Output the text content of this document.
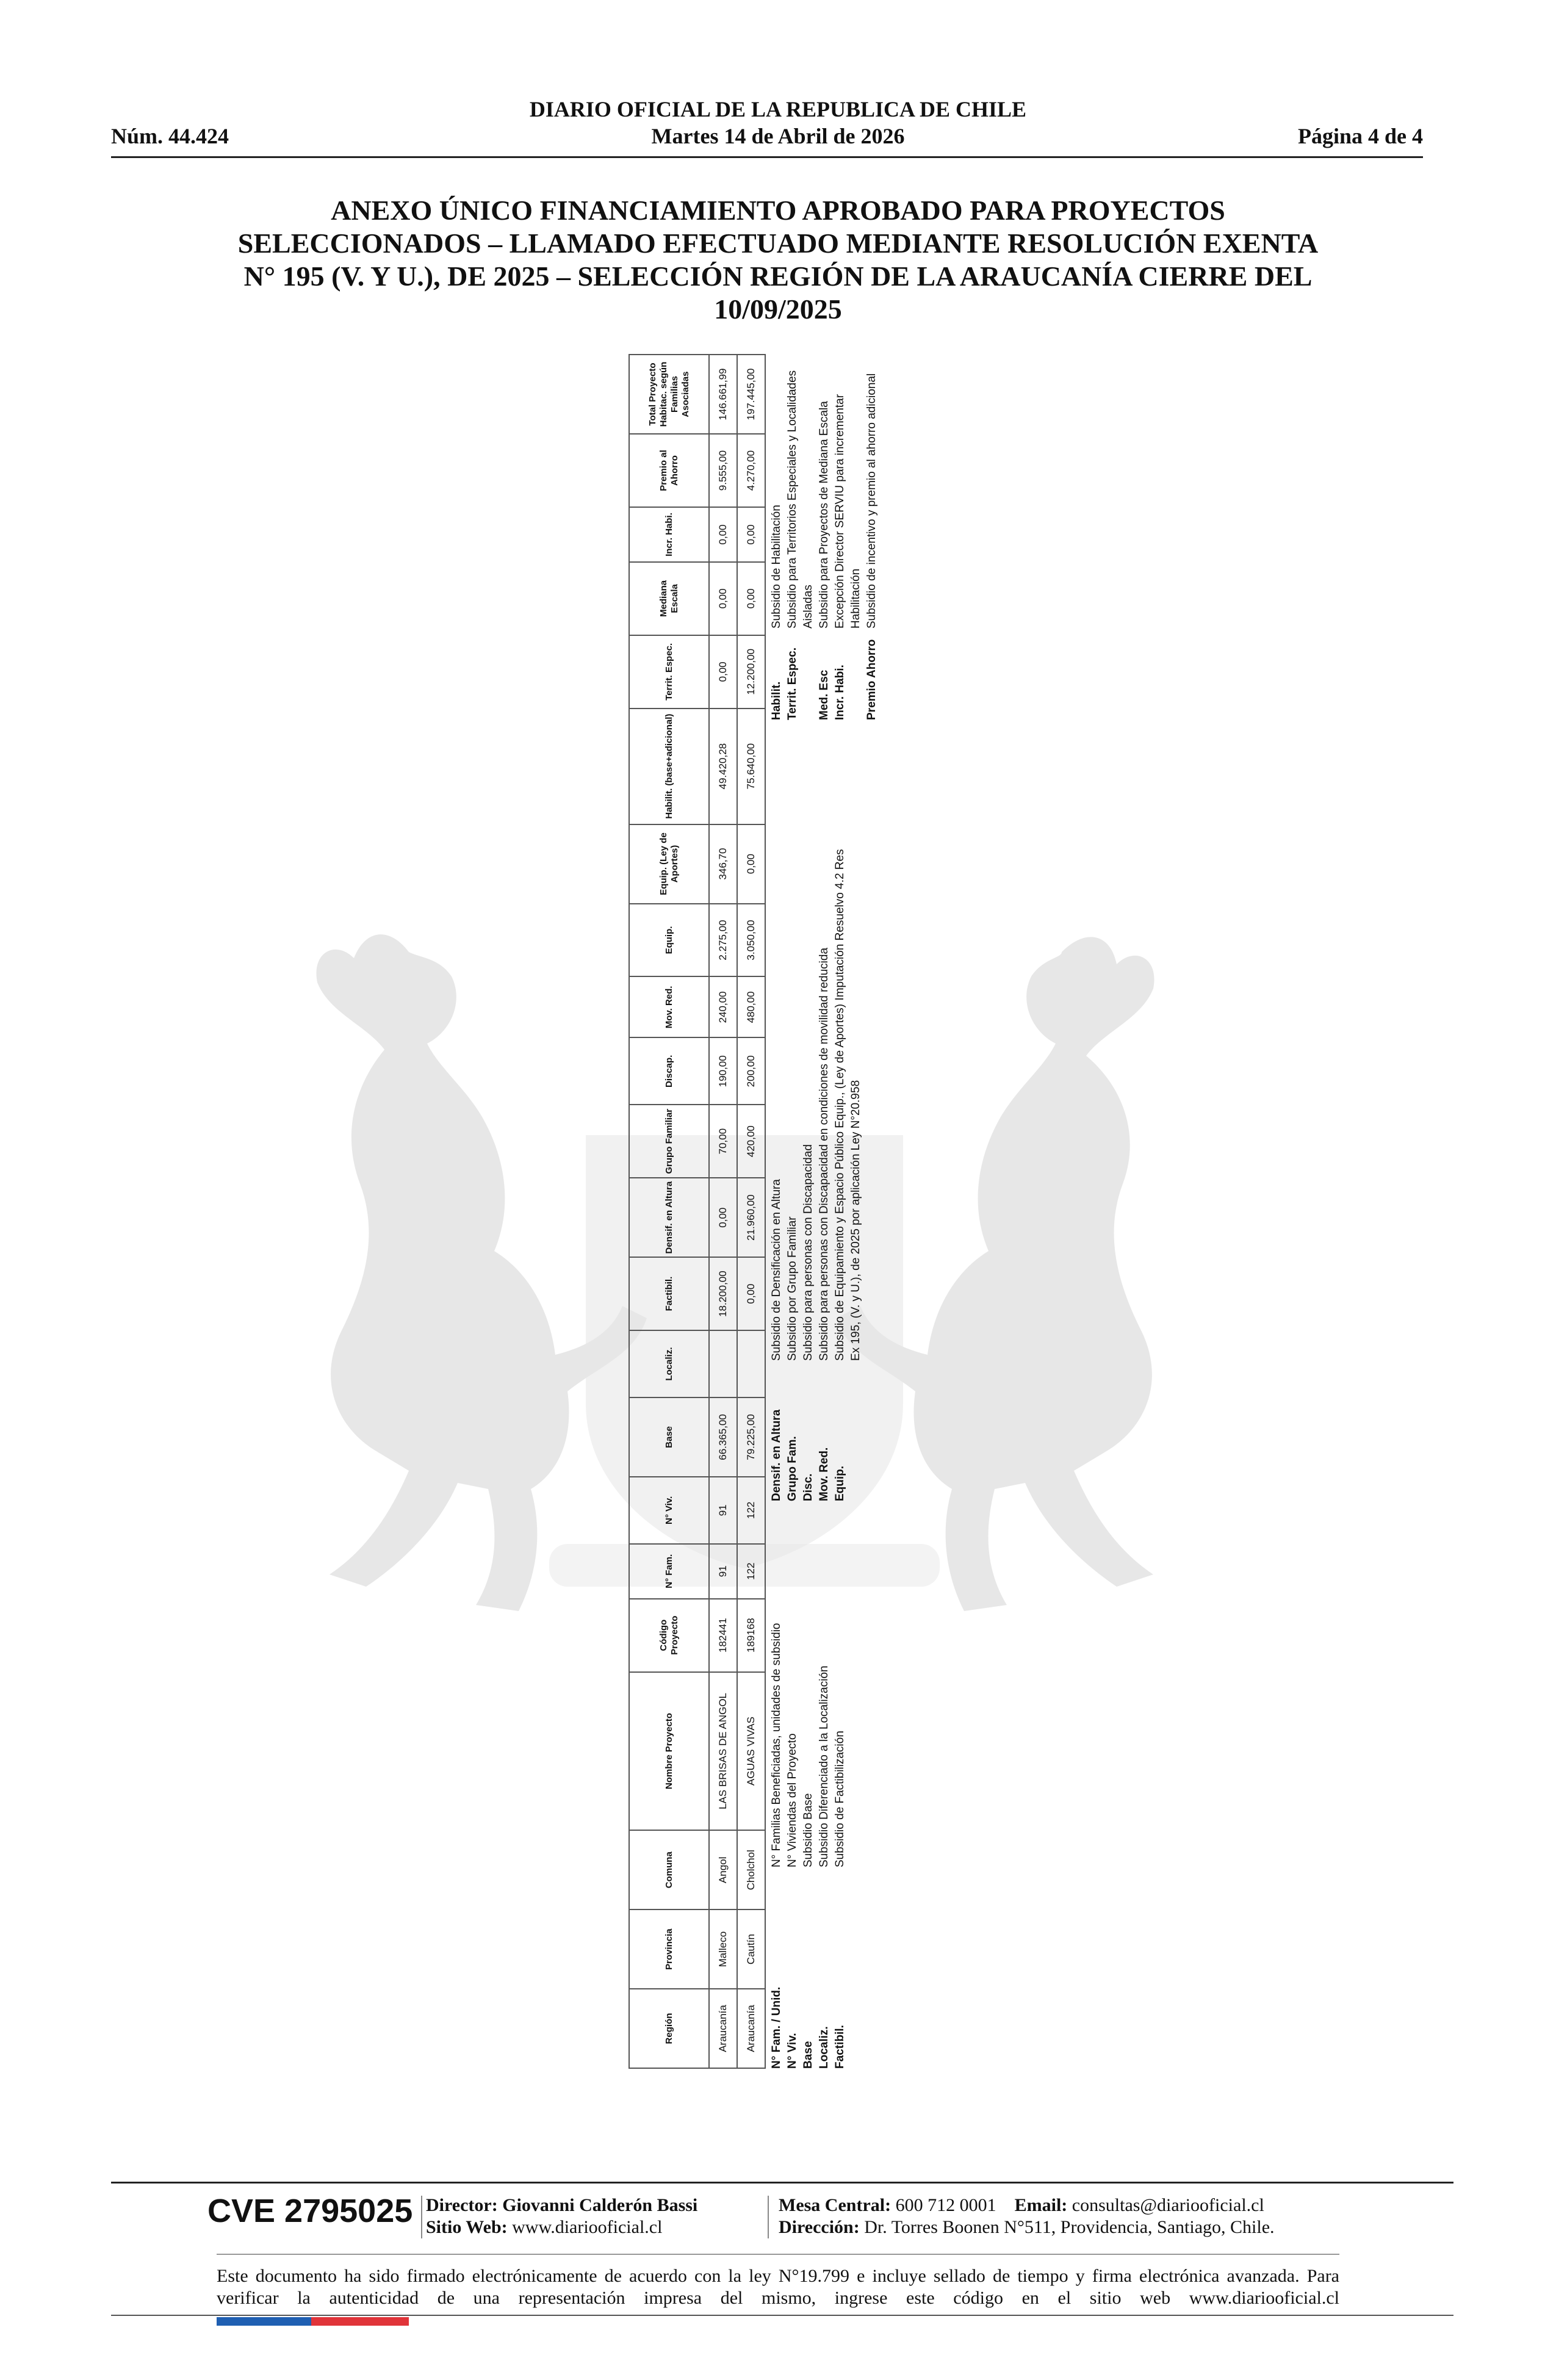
DIARIO OFICIAL DE LA REPUBLICA DE CHILE
Núm. 44.424	Martes 14 de Abril de 2026	Página 4 de 4
ANEXO ÚNICO FINANCIAMIENTO APROBADO PARA PROYECTOS
SELECCIONADOS – LLAMADO EFECTUADO MEDIANTE RESOLUCIÓN EXENTA
N° 195 (V. Y U.), DE 2025 – SELECCIÓN REGIÓN DE LA ARAUCANÍA CIERRE DEL
10/09/2025
Región	Provincia	Comuna	Nombre Proyecto	Código Proyecto	N° Fam.	N° Viv.	Base	Localiz.	Factibil.	Densif. en Altura	Grupo Familiar	Discap.	Mov. Red.	Equip.	Equip. (Ley de Aportes)	Habilit. (base+adicional)	Territ. Espec.	Mediana Escala	Incr. Habi.	Premio al Ahorro	Total Proyecto Habitac. según Familias Asociadas
Araucanía	Malleco	Angol	LAS BRISAS DE ANGOL	182441	91	91	66.365,00		18.200,00	0,00	70,00	190,00	240,00	2.275,00	346,70	49.420,28	0,00	0,00	0,00	9.555,00	146.661,99
Araucanía	Cautín	Cholchol	AGUAS VIVAS	189168	122	122	79.225,00		0,00	21.960,00	420,00	200,00	480,00	3.050,00	0,00	75.640,00	12.200,00	0,00	0,00	4.270,00	197.445,00
N° Fam. / Unid.
N° Familias Beneficiadas, unidades de subsidio
N° Viv.
N° Viviendas del Proyecto
Base
Subsidio Base
Localiz.
Subsidio Diferenciado a la Localización
Factibil.
Subsidio de Factibilización
Densif. en Altura
Subsidio de Densificación en Altura
Grupo Fam.
Subsidio por Grupo Familiar
Disc.
Subsidio para personas con Discapacidad
Mov. Red.
Subsidio para personas con Discapacidad en condiciones de movilidad reducida
Equip.
Subsidio de Equipamiento y Espacio Público Equip., (Ley de Aportes) Imputación Resuelvo 4.2 Res Ex 195, (V. y U.), de 2025 por aplicación Ley N°20.958
Habilit.
Subsidio de Habilitación
Territ. Espec.
Subsidio para Territorios Especiales y Localidades Aisladas
Med. Esc
Subsidio para Proyectos de Mediana Escala
Incr. Habi.
Excepción Director SERVIU para incrementar Habilitación
Premio Ahorro
Subsidio de incentivo y premio al ahorro adicional
CVE 2795025 Director: Giovanni Calderón Bassi
Sitio Web: www.diariooficial.cl
Mesa Central: 600 712 0001 Email: consultas@diariooficial.cl
Dirección: Dr. Torres Boonen N°511, Providencia, Santiago, Chile.
Este documento ha sido firmado electrónicamente de acuerdo con la ley N°19.799 e incluye sellado de tiempo y firma electrónica avanzada. Para verificar la autenticidad de una representación impresa del mismo, ingrese este código en el sitio web www.diariooficial.cl
